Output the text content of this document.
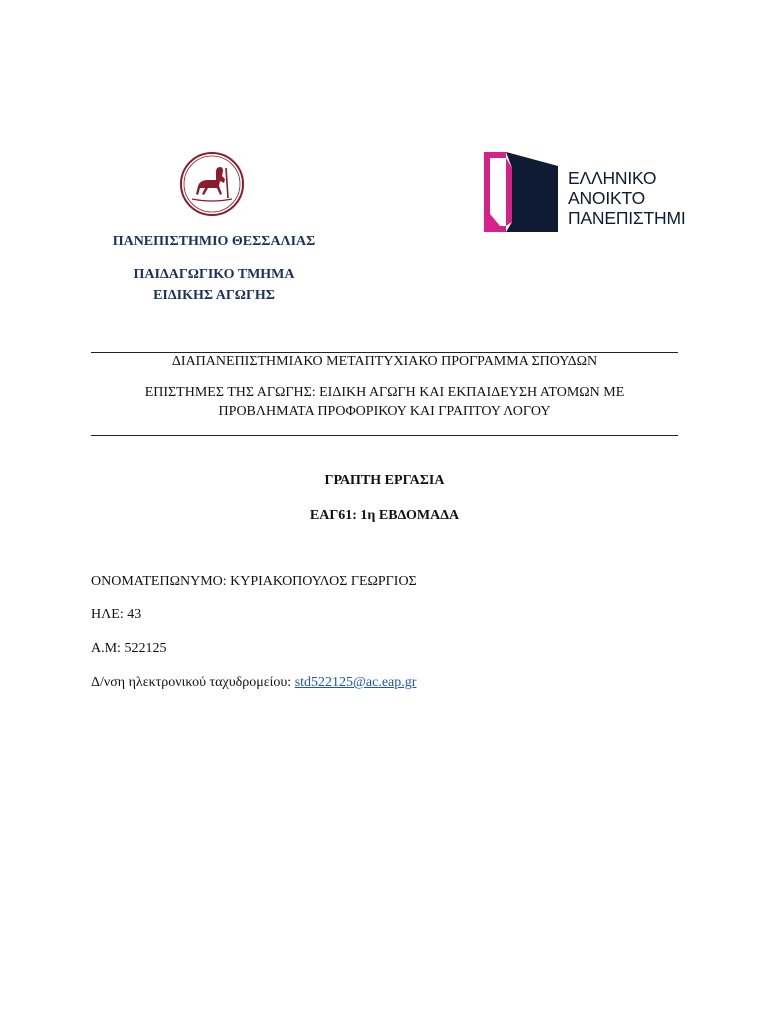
ΕΛΛΗΝΙΚΟ
ΑΝΟΙΚΤΟ
ΠΑΝΕΠΙΣΤΗΜΙ
ΠΑΝΕΠΙΣΤΗΜΙΟ ΘΕΣΣΑΛΙΑΣ
ΠΑΙΔΑΓΩΓΙΚΟ ΤΜΗΜΑ
ΕΙΔΙΚΗΣ ΑΓΩΓΗΣ
ΔΙΑΠΑΝΕΠΙΣΤΗΜΙΑΚΟ ΜΕΤΑΠΤΥΧΙΑΚΟ ΠΡΟΓΡΑΜΜΑ ΣΠΟΥΔΩΝ
ΕΠΙΣΤΗΜΕΣ ΤΗΣ ΑΓΩΓΗΣ: ΕΙΔΙΚΗ ΑΓΩΓΗ ΚΑΙ ΕΚΠΑΙΔΕΥΣΗ ΑΤΟΜΩΝ ΜΕ
ΠΡΟΒΛΗΜΑΤΑ ΠΡΟΦΟΡΙΚΟΥ ΚΑΙ ΓΡΑΠΤΟΥ ΛΟΓΟΥ
ΓΡΑΠΤΗ ΕΡΓΑΣΙΑ
ΕΑΓ61: 1η ΕΒΔΟΜΑΔΑ
ΟΝΟΜΑΤΕΠΩΝΥΜΟ: ΚΥΡΙΑΚΟΠΟΥΛΟΣ ΓΕΩΡΓΙΟΣ
ΗΛΕ: 43
Α.Μ: 522125
Δ/νση ηλεκτρονικού ταχυδρομείου: std522125@ac.eap.gr
